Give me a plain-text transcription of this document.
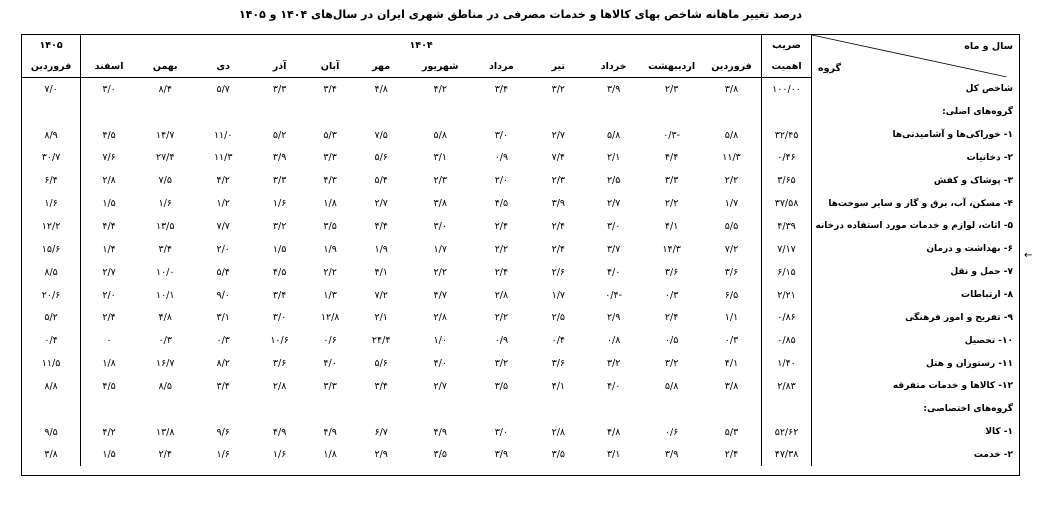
درصد تغییر ماهانه شاخص بهای کالاها و خدمات مصرفی در مناطق شهری ایران در سال‌های ۱۴۰۴ و ۱۴۰۵
سال و ماه
گروه	ضریب	۱۴۰۴												۱۴۰۵
	اهمیت	فروردین	اردیبهشت	خرداد	تیر	مرداد	شهریور	مهر	آبان	آذر	دی	بهمن	اسفند	فروردین
شاخص کل	۱۰۰/۰۰	۳/۸	۲/۳	۳/۹	۳/۲	۳/۴	۴/۲	۴/۸	۳/۴	۳/۳	۵/۷	۸/۴	۳/۰	۷/۰
گروه‌های اصلی:														
۱- خوراکی‌ها و آشامیدنی‌ها	۳۲/۴۵	۵/۸	-۰/۳	۵/۸	۲/۷	۳/۰	۵/۸	۷/۵	۵/۳	۵/۲	۱۱/۰	۱۴/۷	۴/۵	۸/۹
۲- دخانیات	۰/۴۶	۱۱/۳	۴/۴	۲/۱	۷/۴	۰/۹	۳/۱	۵/۶	۳/۳	۳/۹	۱۱/۳	۲۷/۴	۷/۶	۳۰/۷
۳- پوشاک و کفش	۳/۶۵	۲/۲	۳/۳	۲/۵	۲/۳	۲/۰	۲/۳	۵/۴	۴/۳	۳/۳	۴/۲	۷/۵	۲/۸	۶/۴
۴- مسکن، آب، برق و گاز و سایر سوخت‌ها	۳۷/۵۸	۱/۷	۲/۲	۲/۷	۳/۹	۴/۵	۳/۸	۲/۷	۱/۸	۱/۶	۱/۲	۱/۶	۱/۵	۱/۶
۵- اثاث، لوازم و خدمات مورد استفاده درخانه	۴/۳۹	۵/۵	۴/۱	۳/۰	۲/۴	۲/۴	۳/۰	۴/۴	۳/۵	۳/۲	۷/۷	۱۳/۵	۴/۴	۱۲/۲
۶- بهداشت و درمان	۷/۱۷	۷/۲	۱۴/۳	۳/۷	۲/۴	۲/۲	۱/۷	۱/۹	۱/۹	۱/۵	۲/۰	۳/۴	۱/۴	۱۵/۶
۷- حمل و نقل	۶/۱۵	۳/۶	۳/۶	۴/۰	۲/۶	۲/۴	۲/۲	۴/۱	۲/۲	۴/۵	۵/۴	۱۰/۰	۲/۷	۸/۵
۸- ارتباطات	۲/۲۱	۶/۵	۰/۳	-۰/۴	۱/۷	۲/۸	۴/۷	۷/۲	۱/۳	۳/۴	۹/۰	۱۰/۱	۲/۰	۲۰/۶
۹- تفریح و امور فرهنگی	۰/۸۶	۱/۱	۲/۴	۲/۹	۲/۵	۲/۲	۲/۸	۲/۱	۱۲/۸	۳/۰	۳/۱	۴/۸	۲/۴	۵/۲
۱۰- تحصیل	۰/۸۵	۰/۳	۰/۵	۰/۸	۰/۴	۰/۹	۱/۰	۲۴/۴	۰/۶	۱۰/۶	۰/۳	۰/۳	۰	۰/۴
۱۱- رستوران و هتل	۱/۴۰	۴/۱	۳/۲	۳/۲	۳/۶	۳/۲	۴/۰	۵/۶	۴/۰	۳/۶	۸/۲	۱۶/۷	۱/۸	۱۱/۵
۱۲- کالاها و خدمات متفرقه	۲/۸۳	۳/۸	۵/۸	۴/۰	۴/۱	۳/۵	۲/۷	۳/۴	۳/۳	۲/۸	۳/۴	۸/۵	۴/۵	۸/۸
گروه‌های اختصاصی:														
۱- کالا	۵۲/۶۲	۵/۳	۰/۶	۴/۸	۲/۸	۳/۰	۴/۹	۶/۷	۴/۹	۴/۹	۹/۶	۱۳/۸	۴/۲	۹/۵
۲- خدمت	۴۷/۳۸	۲/۴	۳/۹	۳/۱	۳/۵	۳/۹	۳/۵	۲/۹	۱/۸	۱/۶	۱/۶	۲/۴	۱/۵	۳/۸
←
